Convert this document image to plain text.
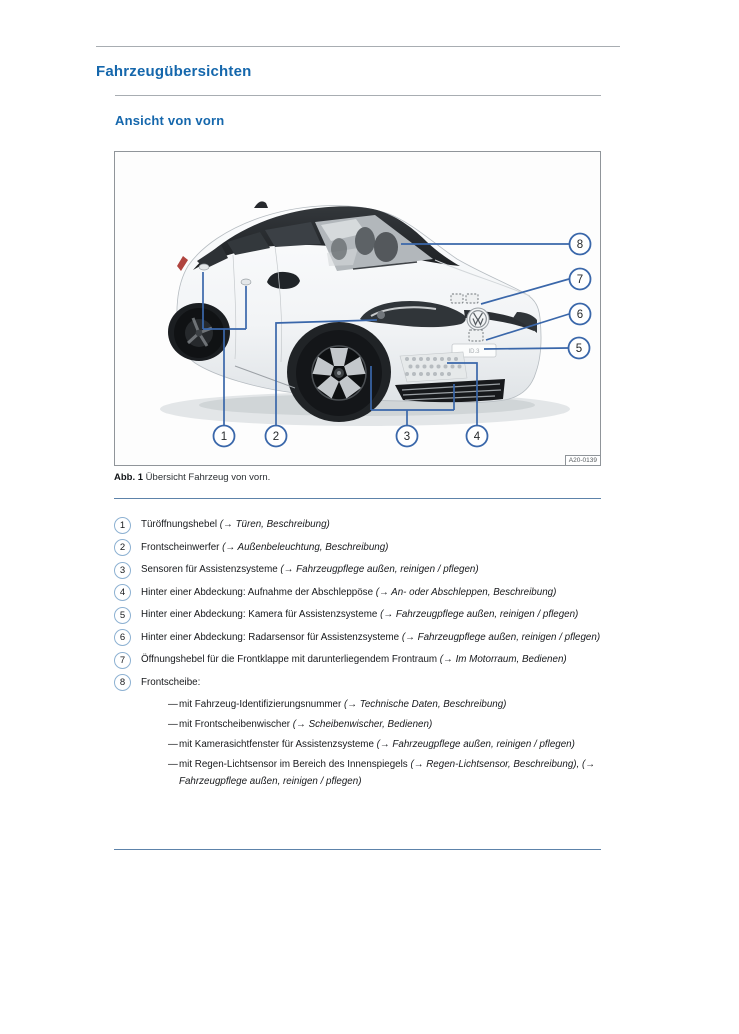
Fahrzeugübersichten
Ansicht von vorn
ID.3
1	2	3	4
5
6
7
8
A20-0139
Abb. 1 Übersicht Fahrzeug von vorn.
1	Türöffnungshebel (→ Türen, Beschreibung)
2	Frontscheinwerfer (→ Außenbeleuchtung, Beschreibung)
3	Sensoren für Assistenzsysteme (→ Fahrzeugpflege außen, reinigen / pflegen)
4	Hinter einer Abdeckung: Aufnahme der Abschleppöse (→ An- oder Abschleppen, Beschreibung)
5	Hinter einer Abdeckung: Kamera für Assistenzsysteme (→ Fahrzeugpflege außen, reinigen / pflegen)
6	Hinter einer Abdeckung: Radarsensor für Assistenzsysteme (→ Fahrzeugpflege außen, reinigen / pflegen)
7	Öffnungshebel für die Frontklappe mit darunterliegendem Frontraum (→ Im Motorraum, Bedienen)
8	Frontscheibe:
— mit Fahrzeug-Identifizierungsnummer (→ Technische Daten, Beschreibung)
— mit Frontscheibenwischer (→ Scheibenwischer, Bedienen)
— mit Kamerasichtfenster für Assistenzsysteme (→ Fahrzeugpflege außen, reinigen / pflegen)
— mit Regen-Lichtsensor im Bereich des Innenspiegels (→ Regen-Lichtsensor, Beschreibung), (→ Fahrzeugpflege außen, reinigen / pflegen)
